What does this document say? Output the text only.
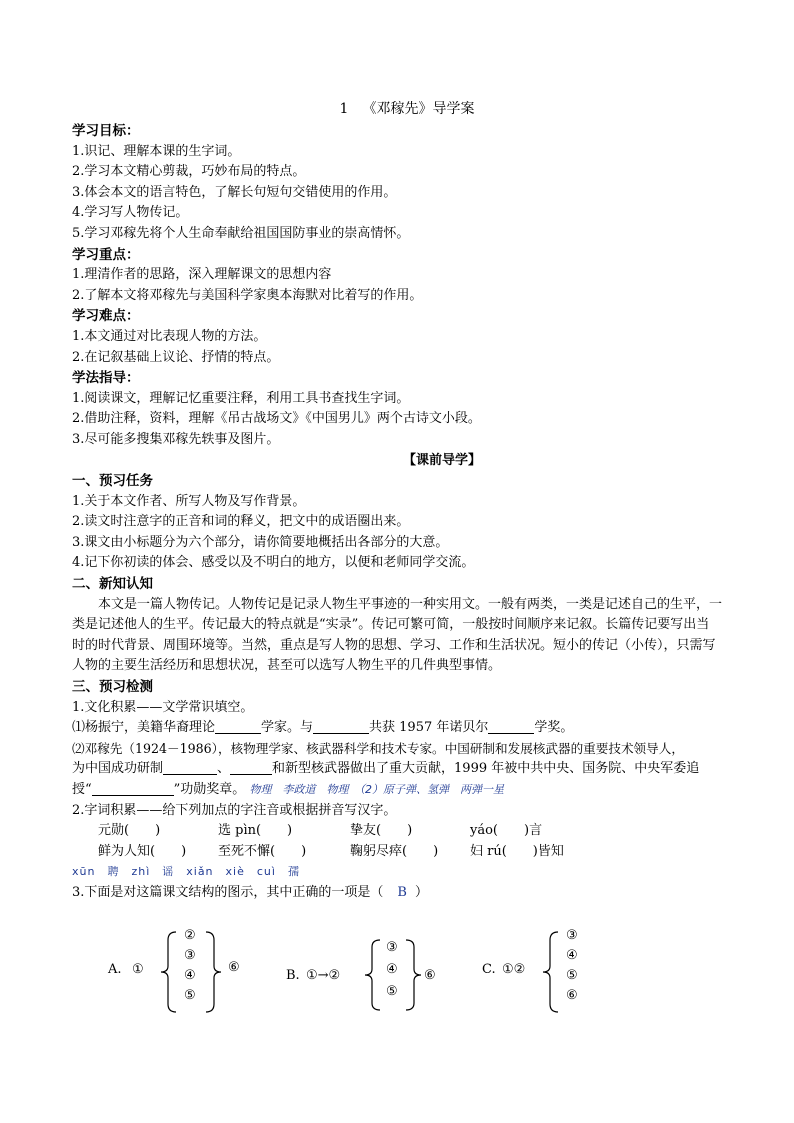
1 《邓稼先》导学案
学习目标：
1.识记、理解本课的生字词。
2.学习本文精心剪裁，巧妙布局的特点。
3.体会本文的语言特色，了解长句短句交错使用的作用。
4.学习写人物传记。
5.学习邓稼先将个人生命奉献给祖国国防事业的崇高情怀。
学习重点：
1.理清作者的思路，深入理解课文的思想内容
2.了解本文将邓稼先与美国科学家奥本海默对比着写的作用。
学习难点：
1.本文通过对比表现人物的方法。
2.在记叙基础上议论、抒情的特点。
学法指导：
1.阅读课文，理解记忆重要注释，利用工具书查找生字词。
2.借助注释，资料，理解《吊古战场文》《中国男儿》两个古诗文小段。
3.尽可能多搜集邓稼先轶事及图片。
【课前导学】
一、预习任务
1.关于本文作者、所写人物及写作背景。
2.读文时注意字的正音和词的释义，把文中的成语圈出来。
3.课文由小标题分为六个部分，请你简要地概括出各部分的大意。
4.记下你初读的体会、感受以及不明白的地方，以便和老师同学交流。
二、新知认知
本文是一篇人物传记。人物传记是记录人物生平事迹的一种实用文。一般有两类，一类是记述自己的生平，一类是记述他人的生平。传记最大的特点就是“实录”。传记可繁可简，一般按时间顺序来记叙。长篇传记要写出当时的时代背景、周围环境等。当然，重点是写人物的思想、学习、工作和生活状况。短小的传记（小传），只需写人物的主要生活经历和思想状况，甚至可以选写人物生平的几件典型事情。
三、预习检测
1.文化积累——文学常识填空。
⑴杨振宁，美籍华裔理论	学家。与	共获 1957 年诺贝尔	学奖。
⑵邓稼先（1924－1986），核物理学家、核武器科学和技术专家。中国研制和发展核武器的重要技术领导人，
为中国成功研制	、	和新型核武器做出了重大贡献，1999 年被中共中央、国务院、中央军委追
授“	”功勋奖章。 物理　李政道　物理　（2）原子弹、氢弹　两弹一星
2.字词积累——给下列加点的字注音或根据拼音写汉字。
元勋(　　)	选 pìn(　　)	挚友(　　)	yáo(　　)言
鲜为人知(　　) 至死不懈(　　)	鞠躬尽瘁(　　) 妇 rú(　　)皆知
xūn　聘　zhì　谣　xiǎn　xiè　cuì　孺
3.下面是对这篇课文结构的图示，其中正确的一项是（ B ）
A. ①
②
③
④
⑤
⑥
B. ①→②
③
④
⑤
⑥	C. ①②
③
④
⑤
⑥
